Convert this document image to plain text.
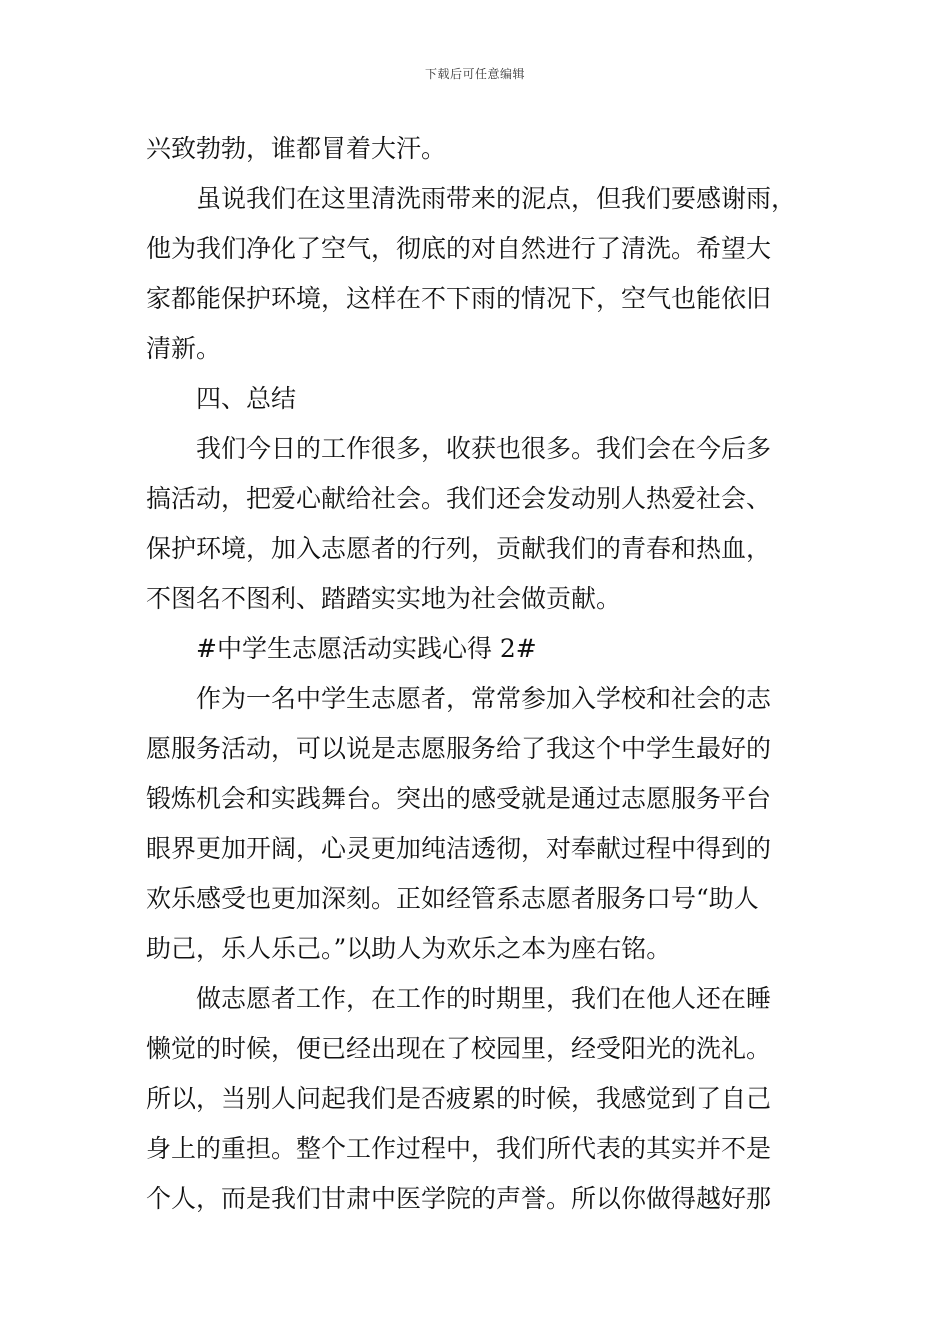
下载后可任意编辑
兴致勃勃，谁都冒着大汗。
虽说我们在这里清洗雨带来的泥点，但我们要感谢雨，
他为我们净化了空气，彻底的对自然进行了清洗。希望大
家都能保护环境，这样在不下雨的情况下，空气也能依旧
清新。
四、总结
我们今日的工作很多，收获也很多。我们会在今后多
搞活动，把爱心献给社会。我们还会发动别人热爱社会、
保护环境，加入志愿者的行列，贡献我们的青春和热血，
不图名不图利、踏踏实实地为社会做贡献。
#中学生志愿活动实践心得 2#
作为一名中学生志愿者，常常参加入学校和社会的志
愿服务活动，可以说是志愿服务给了我这个中学生最好的
锻炼机会和实践舞台。突出的感受就是通过志愿服务平台
眼界更加开阔，心灵更加纯洁透彻，对奉献过程中得到的
欢乐感受也更加深刻。正如经管系志愿者服务口号“助人
助己，乐人乐己。”以助人为欢乐之本为座右铭。
做志愿者工作，在工作的时期里，我们在他人还在睡
懒觉的时候，便已经出现在了校园里，经受阳光的洗礼。
所以，当别人问起我们是否疲累的时候，我感觉到了自己
身上的重担。整个工作过程中，我们所代表的其实并不是
个人，而是我们甘肃中医学院的声誉。所以你做得越好那
